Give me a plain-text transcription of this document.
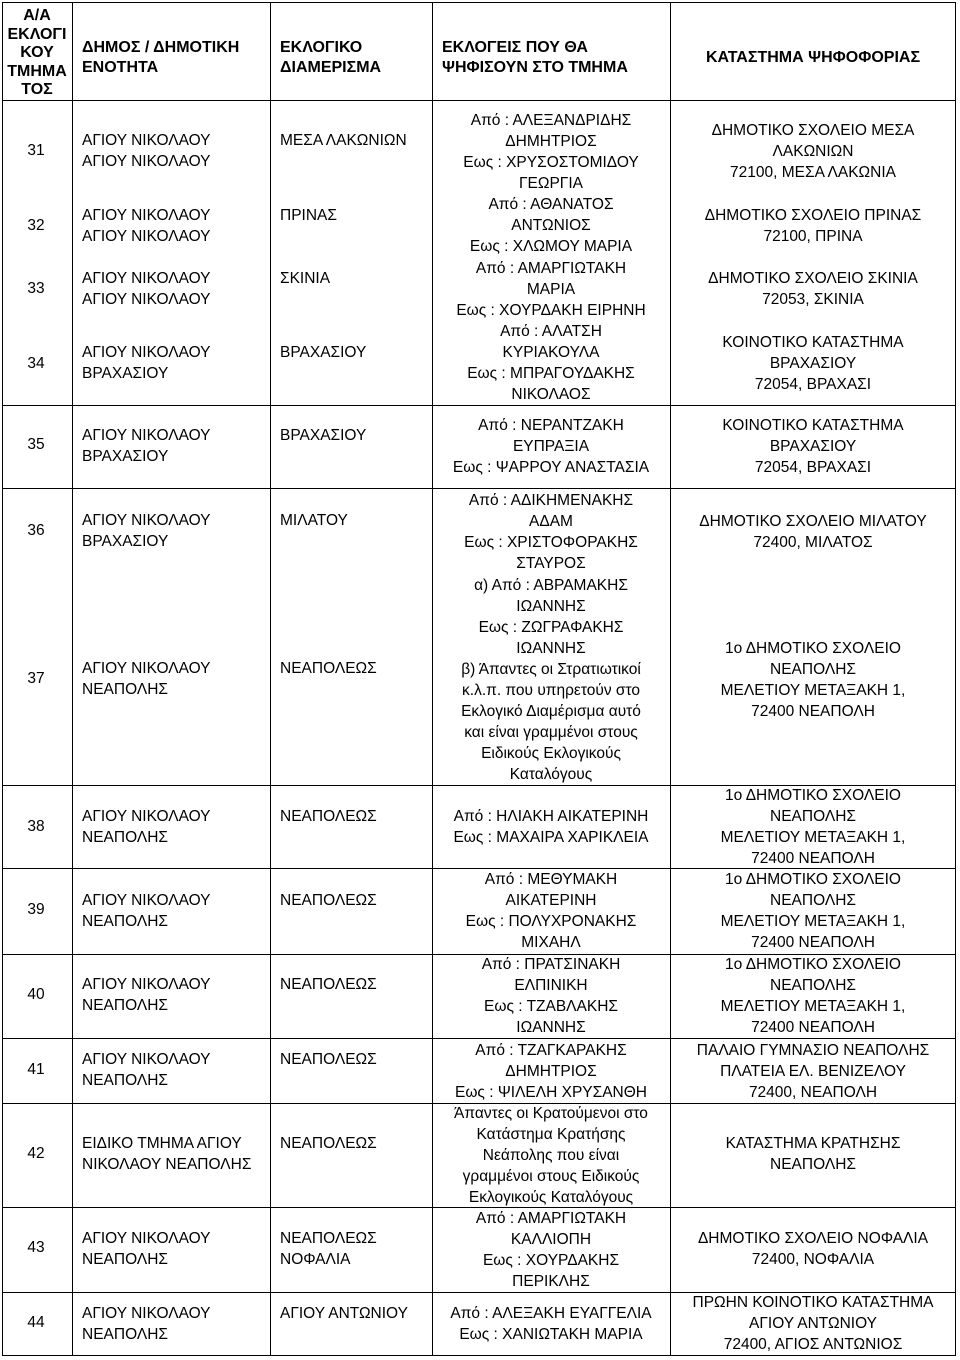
Α/Α
ΕΚΛΟΓΙ
ΚΟΥ
ΤΜΗΜΑ
ΤΟΣ
ΔΗΜΟΣ / ΔΗΜΟΤΙΚΗ
ΕΝΟΤΗΤΑ
ΕΚΛΟΓΙΚΟ
ΔΙΑΜΕΡΙΣΜΑ
ΕΚΛΟΓΕΙΣ ΠΟΥ ΘΑ
ΨΗΦΙΣΟΥΝ ΣΤΟ ΤΜΗΜΑ
ΚΑΤΑΣΤΗΜΑ ΨΗΦΟΦΟΡΙΑΣ
31
ΑΓΙΟΥ ΝΙΚΟΛΑΟΥ
ΑΓΙΟΥ ΝΙΚΟΛΑΟΥ
ΜΕΣΑ ΛΑΚΩΝΙΩΝ
Από : ΑΛΕΞΑΝΔΡΙΔΗΣ
ΔΗΜΗΤΡΙΟΣ
Εως : ΧΡΥΣΟΣΤΟΜΙΔΟΥ
ΓΕΩΡΓΙΑ
ΔΗΜΟΤΙΚΟ ΣΧΟΛΕΙΟ ΜΕΣΑ
ΛΑΚΩΝΙΩΝ
72100, ΜΕΣΑ ΛΑΚΩΝΙΑ
32
ΑΓΙΟΥ ΝΙΚΟΛΑΟΥ
ΑΓΙΟΥ ΝΙΚΟΛΑΟΥ
ΠΡΙΝΑΣ
Από : ΑΘΑΝΑΤΟΣ
ΑΝΤΩΝΙΟΣ
Εως : ΧΛΩΜΟΥ ΜΑΡΙΑ
ΔΗΜΟΤΙΚΟ ΣΧΟΛΕΙΟ ΠΡΙΝΑΣ
72100, ΠΡΙΝΑ
33
ΑΓΙΟΥ ΝΙΚΟΛΑΟΥ
ΑΓΙΟΥ ΝΙΚΟΛΑΟΥ
ΣΚΙΝΙΑ
Από : ΑΜΑΡΓΙΩΤΑΚΗ
ΜΑΡΙΑ
Εως : ΧΟΥΡΔΑΚΗ ΕΙΡΗΝΗ
ΔΗΜΟΤΙΚΟ ΣΧΟΛΕΙΟ ΣΚΙΝΙΑ
72053, ΣΚΙΝΙΑ
34
ΑΓΙΟΥ ΝΙΚΟΛΑΟΥ
ΒΡΑΧΑΣΙΟΥ
ΒΡΑΧΑΣΙΟΥ
Από : ΑΛΑΤΣΗ
ΚΥΡΙΑΚΟΥΛΑ
Εως : ΜΠΡΑΓΟΥΔΑΚΗΣ
ΝΙΚΟΛΑΟΣ
ΚΟΙΝΟΤΙΚΟ ΚΑΤΑΣΤΗΜΑ
ΒΡΑΧΑΣΙΟΥ
72054, ΒΡΑΧΑΣΙ
35
ΑΓΙΟΥ ΝΙΚΟΛΑΟΥ
ΒΡΑΧΑΣΙΟΥ
ΒΡΑΧΑΣΙΟΥ
Από : ΝΕΡΑΝΤΖΑΚΗ
ΕΥΠΡΑΞΙΑ
Εως : ΨΑΡΡΟΥ ΑΝΑΣΤΑΣΙΑ
ΚΟΙΝΟΤΙΚΟ ΚΑΤΑΣΤΗΜΑ
ΒΡΑΧΑΣΙΟΥ
72054, ΒΡΑΧΑΣΙ
36
ΑΓΙΟΥ ΝΙΚΟΛΑΟΥ
ΒΡΑΧΑΣΙΟΥ
ΜΙΛΑΤΟΥ
Από : ΑΔΙΚΗΜΕΝΑΚΗΣ
ΑΔΑΜ
Εως : ΧΡΙΣΤΟΦΟΡΑΚΗΣ
ΣΤΑΥΡΟΣ
ΔΗΜΟΤΙΚΟ ΣΧΟΛΕΙΟ ΜΙΛΑΤΟΥ
72400, ΜΙΛΑΤΟΣ
37
ΑΓΙΟΥ ΝΙΚΟΛΑΟΥ
ΝΕΑΠΟΛΗΣ
ΝΕΑΠΟΛΕΩΣ
α) Από : ΑΒΡΑΜΑΚΗΣ
ΙΩΑΝΝΗΣ
Εως : ΖΩΓΡΑΦΑΚΗΣ
ΙΩΑΝΝΗΣ
β) Άπαντες οι Στρατιωτικοί
κ.λ.π. που υπηρετούν στο
Εκλογικό Διαμέρισμα αυτό
και είναι γραμμένοι στους
Ειδικούς Εκλογικούς
Καταλόγους
1ο ΔΗΜΟΤΙΚΟ ΣΧΟΛΕΙΟ
ΝΕΑΠΟΛΗΣ
ΜΕΛΕΤΙΟΥ ΜΕΤΑΞΑΚΗ 1,
72400 ΝΕΑΠΟΛΗ
38
ΑΓΙΟΥ ΝΙΚΟΛΑΟΥ
ΝΕΑΠΟΛΗΣ
ΝΕΑΠΟΛΕΩΣ	Από : ΗΛΙΑΚΗ ΑΙΚΑΤΕΡΙΝΗ
Εως : ΜΑΧΑΙΡΑ ΧΑΡΙΚΛΕΙΑ
1ο ΔΗΜΟΤΙΚΟ ΣΧΟΛΕΙΟ
ΝΕΑΠΟΛΗΣ
ΜΕΛΕΤΙΟΥ ΜΕΤΑΞΑΚΗ 1,
72400 ΝΕΑΠΟΛΗ
39
ΑΓΙΟΥ ΝΙΚΟΛΑΟΥ
ΝΕΑΠΟΛΗΣ
ΝΕΑΠΟΛΕΩΣ
Από : ΜΕΘΥΜΑΚΗ
ΑΙΚΑΤΕΡΙΝΗ
Εως : ΠΟΛΥΧΡΟΝΑΚΗΣ
ΜΙΧΑΗΛ
1ο ΔΗΜΟΤΙΚΟ ΣΧΟΛΕΙΟ
ΝΕΑΠΟΛΗΣ
ΜΕΛΕΤΙΟΥ ΜΕΤΑΞΑΚΗ 1,
72400 ΝΕΑΠΟΛΗ
40
ΑΓΙΟΥ ΝΙΚΟΛΑΟΥ
ΝΕΑΠΟΛΗΣ
ΝΕΑΠΟΛΕΩΣ
Από : ΠΡΑΤΣΙΝΑΚΗ
ΕΛΠΙΝΙΚΗ
Εως : ΤΖΑΒΛΑΚΗΣ
ΙΩΑΝΝΗΣ
1ο ΔΗΜΟΤΙΚΟ ΣΧΟΛΕΙΟ
ΝΕΑΠΟΛΗΣ
ΜΕΛΕΤΙΟΥ ΜΕΤΑΞΑΚΗ 1,
72400 ΝΕΑΠΟΛΗ
41
ΑΓΙΟΥ ΝΙΚΟΛΑΟΥ
ΝΕΑΠΟΛΗΣ
ΝΕΑΠΟΛΕΩΣ
Από : ΤΖΑΓΚΑΡΑΚΗΣ
ΔΗΜΗΤΡΙΟΣ
Εως : ΨΙΛΕΛΗ ΧΡΥΣΑΝΘΗ
ΠΑΛΑΙΟ ΓΥΜΝΑΣΙΟ ΝΕΑΠΟΛΗΣ
ΠΛΑΤΕΙΑ ΕΛ. ΒΕΝΙΖΕΛΟΥ
72400, ΝΕΑΠΟΛΗ
42
ΕΙΔΙΚΟ ΤΜΗΜΑ ΑΓΙΟΥ
ΝΙΚΟΛΑΟΥ ΝΕΑΠΟΛΗΣ
ΝΕΑΠΟΛΕΩΣ
Άπαντες οι Κρατούμενοι στο
Κατάστημα Κρατήσης
Νεάπολης που είναι
γραμμένοι στους Ειδικούς
Εκλογικούς Καταλόγους
ΚΑΤΑΣΤΗΜΑ ΚΡΑΤΗΣΗΣ
ΝΕΑΠΟΛΗΣ
43
ΑΓΙΟΥ ΝΙΚΟΛΑΟΥ
ΝΕΑΠΟΛΗΣ
ΝΕΑΠΟΛΕΩΣ
ΝΟΦΑΛΙΑ
Από : ΑΜΑΡΓΙΩΤΑΚΗ
ΚΑΛΛΙΟΠΗ
Εως : ΧΟΥΡΔΑΚΗΣ
ΠΕΡΙΚΛΗΣ
ΔΗΜΟΤΙΚΟ ΣΧΟΛΕΙΟ ΝΟΦΑΛΙΑ
72400, ΝΟΦΑΛΙΑ
44
ΑΓΙΟΥ ΝΙΚΟΛΑΟΥ
ΝΕΑΠΟΛΗΣ
ΑΓΙΟΥ ΑΝΤΩΝΙΟΥ	Από : ΑΛΕΞΑΚΗ ΕΥΑΓΓΕΛΙΑ
Εως : ΧΑΝΙΩΤΑΚΗ ΜΑΡΙΑ
ΠΡΩΗΝ ΚΟΙΝΟΤΙΚΟ ΚΑΤΑΣΤΗΜΑ
ΑΓΙΟΥ ΑΝΤΩΝΙΟΥ
72400, ΑΓΙΟΣ ΑΝΤΩΝΙΟΣ
